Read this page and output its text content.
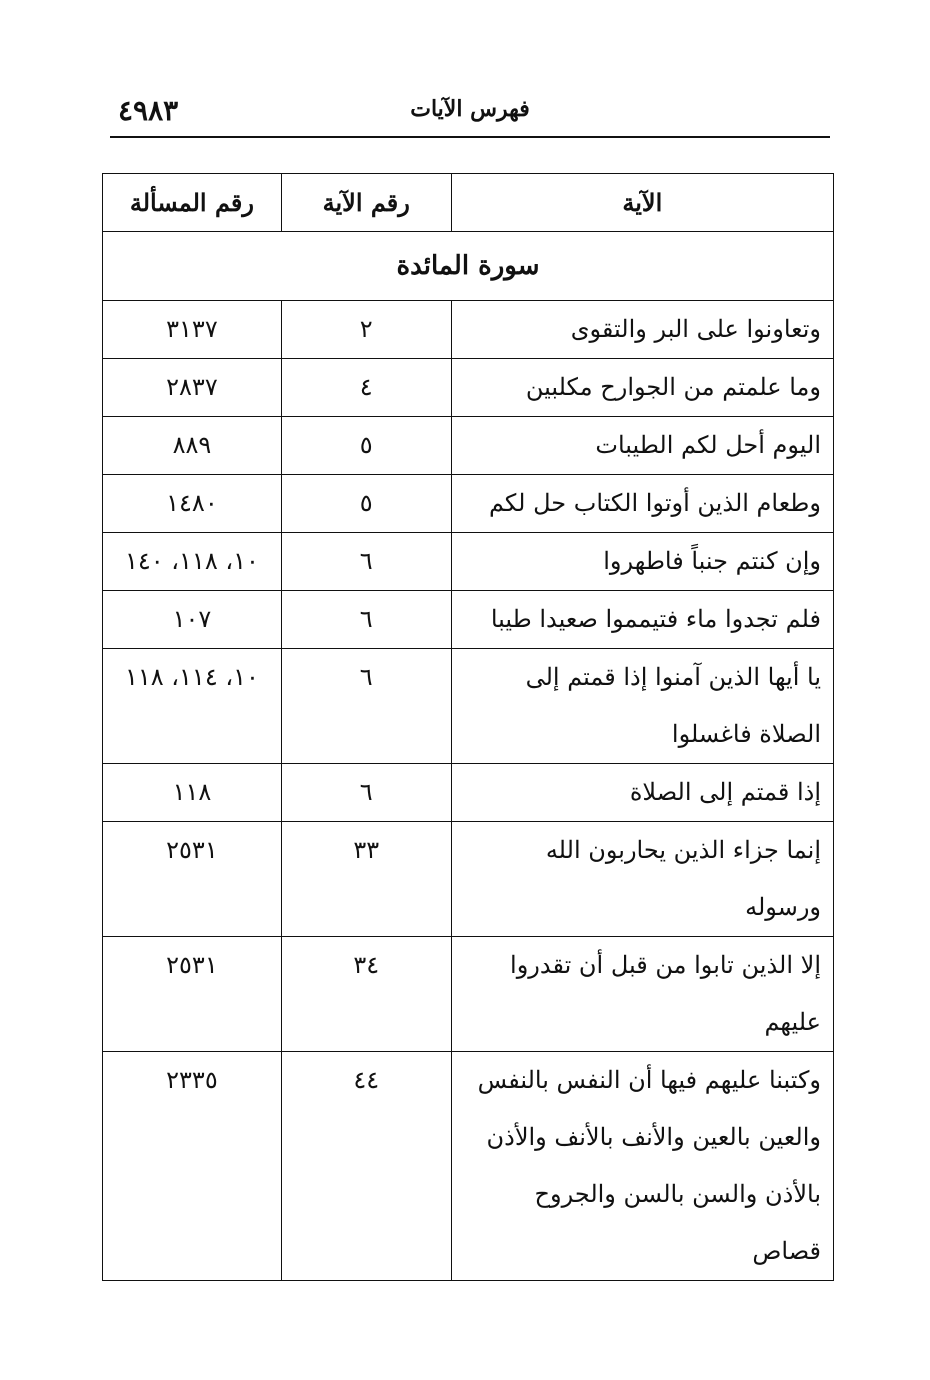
٤٩٨٣	فهرس الآيات
الآية	رقم الآية	رقم المسألة
سورة المائدة		
وتعاونوا على البر والتقوى	٢	٣١٣٧
وما علمتم من الجوارح مكلبين	٤	٢٨٣٧
اليوم أحل لكم الطيبات	٥	٨٨٩
وطعام الذين أوتوا الكتاب حل لكم	٥	١٤٨٠
وإن كنتم جنباً فاطهروا	٦	١٠، ١١٨، ١٤٠
فلم تجدوا ماء فتيمموا صعيدا طيبا	٦	١٠٧
يا أيها الذين آمنوا إذا قمتم إلى الصلاة فاغسلوا	٦	١٠، ١١٤، ١١٨
إذا قمتم إلى الصلاة	٦	١١٨
إنما جزاء الذين يحاربون الله ورسوله	٣٣	٢٥٣١
إلا الذين تابوا من قبل أن تقدروا عليهم	٣٤	٢٥٣١
وكتبنا عليهم فيها أن النفس بالنفس والعين بالعين والأنف بالأنف والأذن بالأذن والسن بالسن والجروح قصاص	٤٤	٢٣٣٥
